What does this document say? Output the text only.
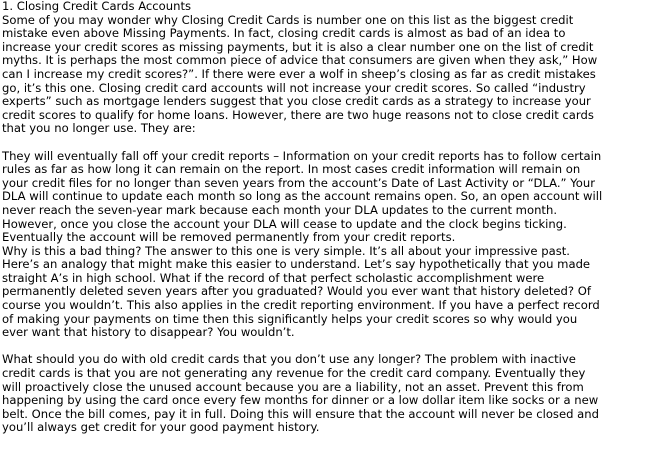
1. Closing Credit Cards Accounts
Some of you may wonder why Closing Credit Cards is number one on this list as the biggest credit
mistake even above Missing Payments. In fact, closing credit cards is almost as bad of an idea to
increase your credit scores as missing payments, but it is also a clear number one on the list of credit
myths. It is perhaps the most common piece of advice that consumers are given when they ask,” How
can I increase my credit scores?”. If there were ever a wolf in sheep’s closing as far as credit mistakes
go, it’s this one. Closing credit card accounts will not increase your credit scores. So called “industry
experts” such as mortgage lenders suggest that you close credit cards as a strategy to increase your
credit scores to qualify for home loans. However, there are two huge reasons not to close credit cards
that you no longer use. They are:
They will eventually fall off your credit reports – Information on your credit reports has to follow certain
rules as far as how long it can remain on the report. In most cases credit information will remain on
your credit files for no longer than seven years from the account’s Date of Last Activity or “DLA.” Your
DLA will continue to update each month so long as the account remains open. So, an open account will
never reach the seven-year mark because each month your DLA updates to the current month.
However, once you close the account your DLA will cease to update and the clock begins ticking.
Eventually the account will be removed permanently from your credit reports.
Why is this a bad thing? The answer to this one is very simple. It’s all about your impressive past.
Here’s an analogy that might make this easier to understand. Let’s say hypothetically that you made
straight A’s in high school. What if the record of that perfect scholastic accomplishment were
permanently deleted seven years after you graduated? Would you ever want that history deleted? Of
course you wouldn’t. This also applies in the credit reporting environment. If you have a perfect record
of making your payments on time then this significantly helps your credit scores so why would you
ever want that history to disappear? You wouldn’t.
What should you do with old credit cards that you don’t use any longer? The problem with inactive
credit cards is that you are not generating any revenue for the credit card company. Eventually they
will proactively close the unused account because you are a liability, not an asset. Prevent this from
happening by using the card once every few months for dinner or a low dollar item like socks or a new
belt. Once the bill comes, pay it in full. Doing this will ensure that the account will never be closed and
you’ll always get credit for your good payment history.
